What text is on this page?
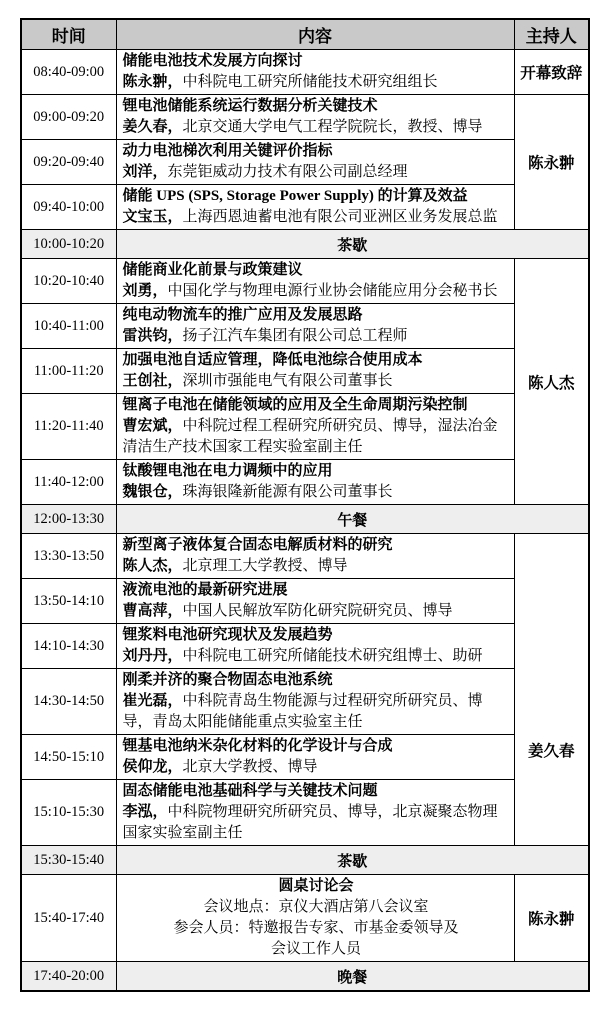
时间	内容	主持人
08:40-09:00	储能电池技术发展方向探讨
陈永翀，中科院电工研究所储能技术研究组组长	开幕致辞
09:00-09:20	锂电池储能系统运行数据分析关键技术
姜久春，北京交通大学电气工程学院院长，教授、博导	陈永翀
09:20-09:40	动力电池梯次利用关键评价指标
刘洋，东莞钜威动力技术有限公司副总经理	

09:40-10:00	储能 UPS (SPS, Storage Power Supply) 的计算及效益
文宝玉，上海西恩迪蓄电池有限公司亚洲区业务发展总监	

10:00-10:20	茶歇	
10:20-10:40	储能商业化前景与政策建议
刘勇，中国化学与物理电源行业协会储能应用分会秘书长	陈人杰
10:40-11:00	纯电动物流车的推广应用及发展思路
雷洪钧，扬子江汽车集团有限公司总工程师	

11:00-11:20	加强电池自适应管理，降低电池综合使用成本
王创社，深圳市强能电气有限公司董事长	

11:20-11:40	锂离子电池在储能领域的应用及全生命周期污染控制
曹宏斌，中科院过程工程研究所研究员、博导，湿法冶金清洁生产技术国家工程实验室副主任	

11:40-12:00	钛酸锂电池在电力调频中的应用
魏银仓，珠海银隆新能源有限公司董事长	

12:00-13:30	午餐	
13:30-13:50	新型离子液体复合固态电解质材料的研究
陈人杰，北京理工大学教授、博导	姜久春
13:50-14:10	液流电池的最新研究进展
曹高萍，中国人民解放军防化研究院研究员、博导	

14:10-14:30	锂浆料电池研究现状及发展趋势
刘丹丹，中科院电工研究所储能技术研究组博士、助研	

14:30-14:50	刚柔并济的聚合物固态电池系统
崔光磊，中科院青岛生物能源与过程研究所研究员、博导，青岛太阳能储能重点实验室主任	

14:50-15:10	锂基电池纳米杂化材料的化学设计与合成
侯仰龙，北京大学教授、博导	

15:10-15:30	固态储能电池基础科学与关键技术问题
李泓，中科院物理研究所研究员、博导，北京凝聚态物理国家实验室副主任	

15:30-15:40	茶歇	
15:40-17:40	圆桌讨论会
会议地点：京仪大酒店第八会议室
参会人员：特邀报告专家、市基金委领导及
会议工作人员	陈永翀
17:40-20:00	晚餐	
